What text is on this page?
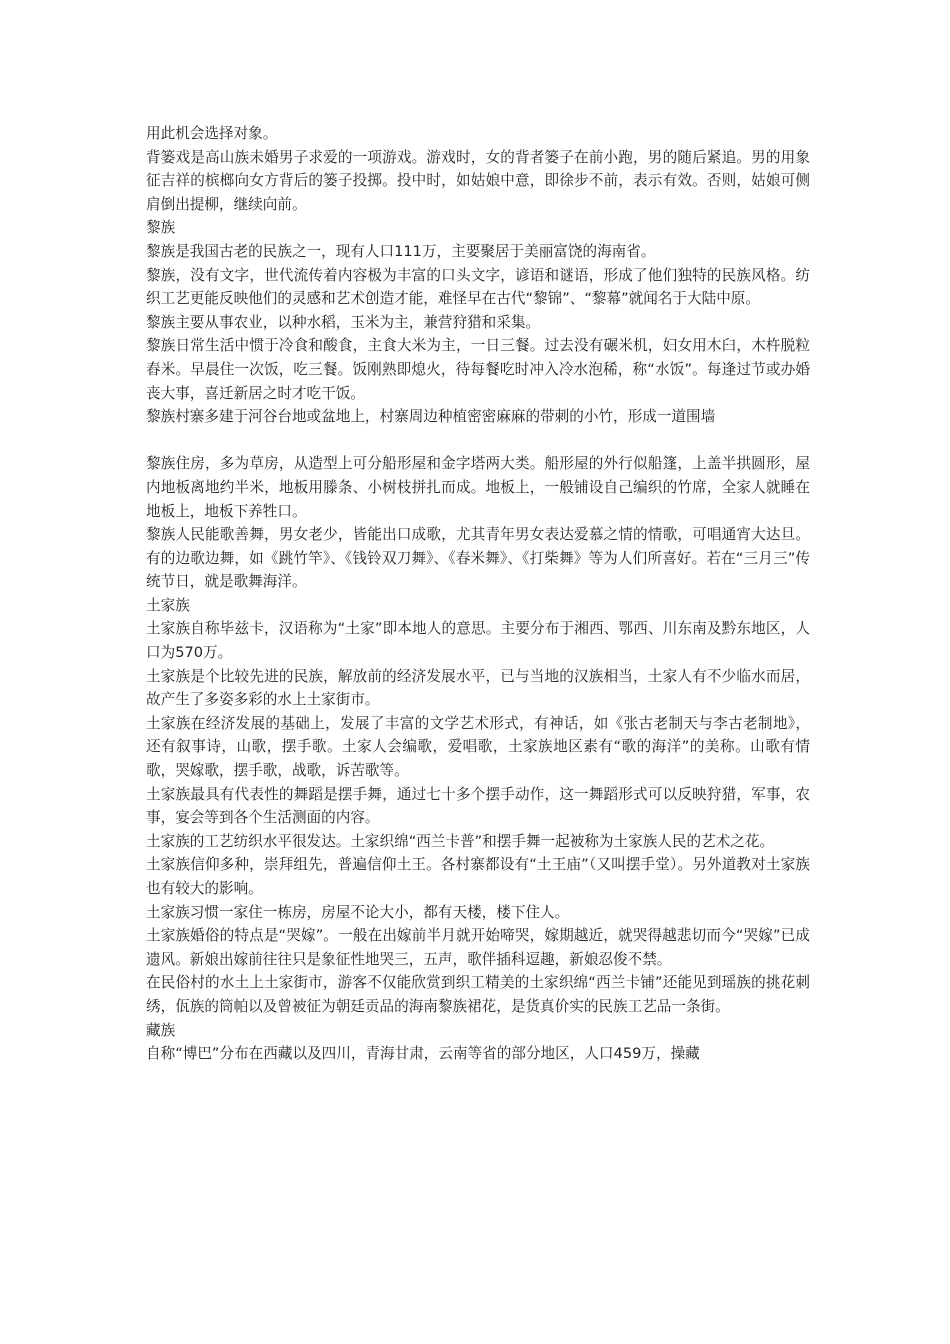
用此机会选择对象。

背篓戏是高山族未婚男子求爱的一项游戏。游戏时，女的背者篓子在前小跑，男的随后紧追。男的用象征吉祥的槟榔向女方背后的篓子投掷。投中时，如姑娘中意，即徐步不前，表示有效。否则，姑娘可侧肩倒出提柳，继续向前。

黎族

黎族是我国古老的民族之一，现有人口111万，主要聚居于美丽富饶的海南省。

黎族，没有文字，世代流传着内容极为丰富的口头文字，谚语和谜语，形成了他们独特的民族风格。纺织工艺更能反映他们的灵感和艺术创造才能，难怪早在古代“黎锦”、“黎幕”就闻名于大陆中原。

黎族主要从事农业，以种水稻，玉米为主，兼营狩猎和采集。

黎族日常生活中惯于冷食和酸食，主食大米为主，一日三餐。过去没有碾米机，妇女用木臼，木杵脱粒舂米。早晨住一次饭，吃三餐。饭刚熟即熄火，待每餐吃时冲入冷水泡稀，称“水饭”。每逢过节或办婚丧大事，喜迁新居之时才吃干饭。

黎族村寨多建于河谷台地或盆地上，村寨周边种植密密麻麻的带刺的小竹，形成一道围墙

黎族住房，多为草房，从造型上可分船形屋和金字塔两大类。船形屋的外行似船篷，上盖半拱圆形，屋内地板离地约半米，地板用滕条、小树枝拼扎而成。地板上，一般铺设自己编织的竹席，全家人就睡在地板上，地板下养牲口。

黎族人民能歌善舞，男女老少，皆能出口成歌，尤其青年男女表达爱慕之情的情歌，可唱通宵大达旦。有的边歌边舞，如《跳竹竿》、《钱铃双刀舞》、《春米舞》、《打柴舞》等为人们所喜好。若在“三月三”传统节日，就是歌舞海洋。

土家族

土家族自称毕兹卡，汉语称为“土家”即本地人的意思。主要分布于湘西、鄂西、川东南及黔东地区，人口为570万。

土家族是个比较先进的民族，解放前的经济发展水平，已与当地的汉族相当，土家人有不少临水而居，故产生了多姿多彩的水上土家街市。

土家族在经济发展的基础上，发展了丰富的文学艺术形式，有神话，如《张古老制天与李古老制地》，还有叙事诗，山歌，摆手歌。土家人会编歌，爱唱歌，土家族地区素有“歌的海洋”的美称。山歌有情歌，哭嫁歌，摆手歌，战歌，诉苦歌等。

土家族最具有代表性的舞蹈是摆手舞，通过七十多个摆手动作，这一舞蹈形式可以反映狩猎，军事，农事，宴会等到各个生活测面的内容。

土家族的工艺纺织水平很发达。土家织绵“西兰卡普”和摆手舞一起被称为土家族人民的艺术之花。

土家族信仰多种，崇拜组先，普遍信仰土王。各村寨都设有“土王庙”（又叫摆手堂）。另外道教对土家族也有较大的影响。

土家族习惯一家住一栋房，房屋不论大小，都有天楼，楼下住人。

土家族婚俗的特点是“哭嫁”。一般在出嫁前半月就开始啼哭，嫁期越近，就哭得越悲切而今“哭嫁”已成遗风。新娘出嫁前往往只是象征性地哭三，五声，歌伴插科逗趣，新娘忍俊不禁。

在民俗村的水土上土家街市，游客不仅能欣赏到织工精美的土家织绵“西兰卡铺”还能见到瑶族的挑花刺绣，佤族的筒帕以及曾被征为朝廷贡品的海南黎族裙花，是货真价实的民族工艺品一条街。

藏族

自称“博巴”分布在西藏以及四川，青海甘肃，云南等省的部分地区，人口459万，操藏
